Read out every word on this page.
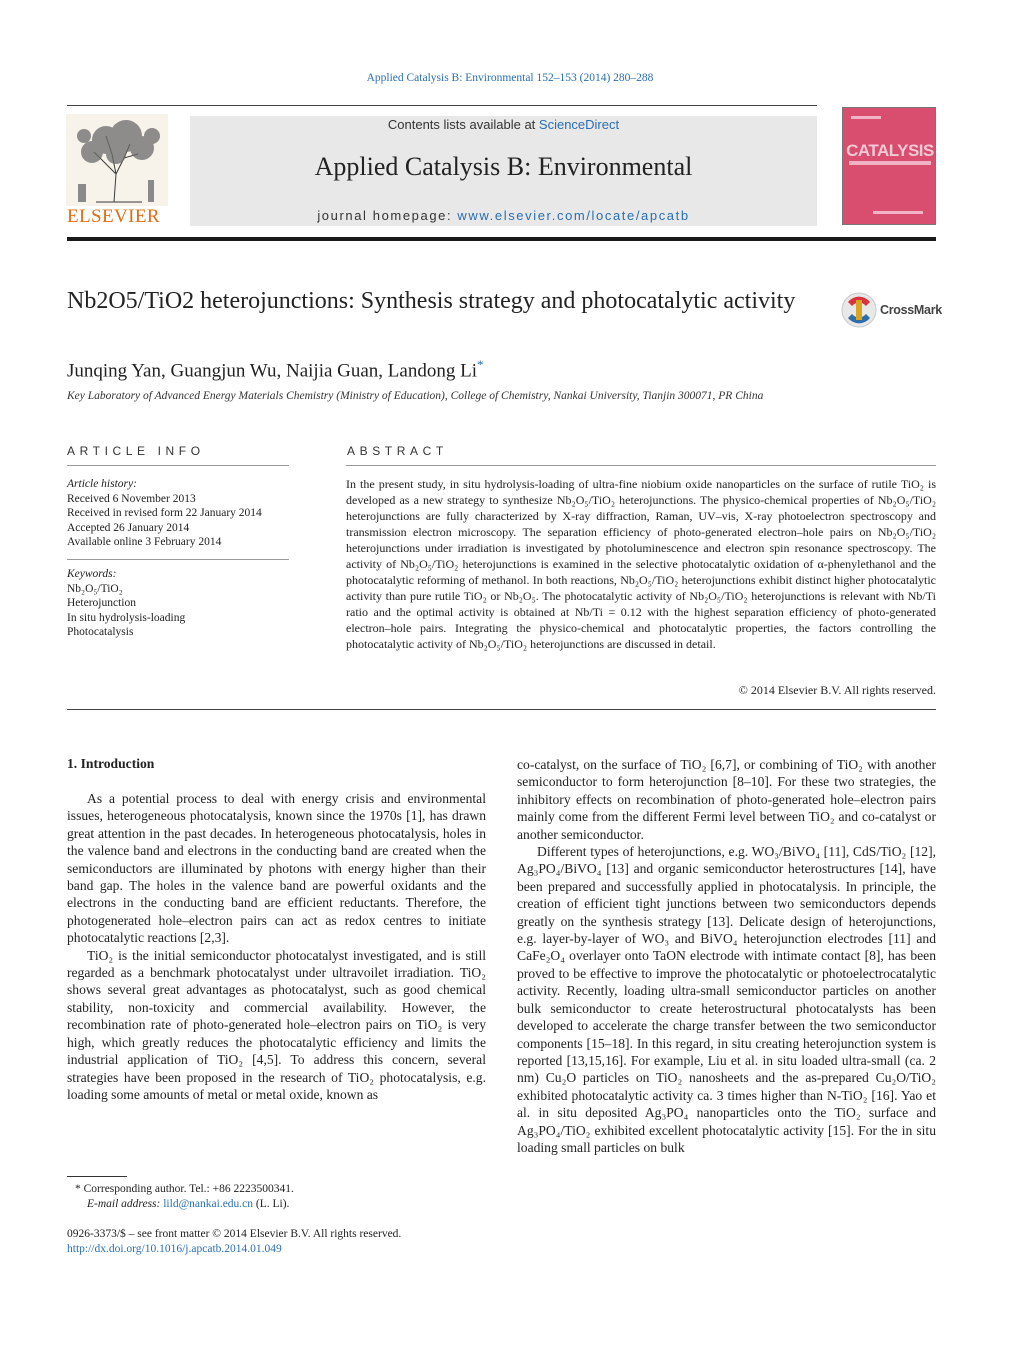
Applied Catalysis B: Environmental 152–153 (2014) 280–288
ELSEVIER
Contents lists available at ScienceDirect
Applied Catalysis B: Environmental
journal homepage: www.elsevier.com/locate/apcatb
CATALYSIS
Nb2O5/TiO2 heterojunctions: Synthesis strategy and photocatalytic activity	CrossMark
Junqing Yan, Guangjun Wu, Naijia Guan, Landong Li*
Key Laboratory of Advanced Energy Materials Chemistry (Ministry of Education), College of Chemistry, Nankai University, Tianjin 300071, PR China
ARTICLE INFO	ABSTRACT
Article history:
Received 6 November 2013
Received in revised form 22 January 2014
Accepted 26 January 2014
Available online 3 February 2014
Keywords:
Nb₂O₅/TiO₂
Heterojunction
In situ hydrolysis-loading
Photocatalysis
In the present study, in situ hydrolysis-loading of ultra-fine niobium oxide nanoparticles on the surface of rutile TiO₂ is developed as a new strategy to synthesize Nb₂O₅/TiO₂ heterojunctions. The physico-chemical properties of Nb₂O₅/TiO₂ heterojunctions are fully characterized by X-ray diffraction, Raman, UV–vis, X-ray photoelectron spectroscopy and transmission electron microscopy. The separation efficiency of photo-generated electron–hole pairs on Nb₂O₅/TiO₂ heterojunctions under irradiation is investigated by photoluminescence and electron spin resonance spectroscopy. The activity of Nb₂O₅/TiO₂ heterojunctions is examined in the selective photocatalytic oxidation of α-phenylethanol and the photocatalytic reforming of methanol. In both reactions, Nb₂O₅/TiO₂ heterojunctions exhibit distinct higher photocatalytic activity than pure rutile TiO₂ or Nb₂O₅. The photocatalytic activity of Nb₂O₅/TiO₂ heterojunctions is relevant with Nb/Ti ratio and the optimal activity is obtained at Nb/Ti = 0.12 with the highest separation efficiency of photo-generated electron–hole pairs. Integrating the physico-chemical and photocatalytic properties, the factors controlling the photocatalytic activity of Nb₂O₅/TiO₂ heterojunctions are discussed in detail.
© 2014 Elsevier B.V. All rights reserved.
1. Introduction

As a potential process to deal with energy crisis and environmental issues, heterogeneous photocatalysis, known since the 1970s [1], has drawn great attention in the past decades. In heterogeneous photocatalysis, holes in the valence band and electrons in the conducting band are created when the semiconductors are illuminated by photons with energy higher than their band gap. The holes in the valence band are powerful oxidants and the electrons in the conducting band are efficient reductants. Therefore, the photogenerated hole–electron pairs can act as redox centres to initiate photocatalytic reactions [2,3].

TiO₂ is the initial semiconductor photocatalyst investigated, and is still regarded as a benchmark photocatalyst under ultravoilet irradiation. TiO₂ shows several great advantages as photocatalyst, such as good chemical stability, non-toxicity and commercial availability. However, the recombination rate of photo-generated hole–electron pairs on TiO₂ is very high, which greatly reduces the photocatalytic efficiency and limits the industrial application of TiO₂ [4,5]. To address this concern, several strategies have been proposed in the research of TiO₂ photocatalysis, e.g. loading some amounts of metal or metal oxide, known as

co-catalyst, on the surface of TiO₂ [6,7], or combining of TiO₂ with another semiconductor to form heterojunction [8–10]. For these two strategies, the inhibitory effects on recombination of photo-generated hole–electron pairs mainly come from the different Fermi level between TiO₂ and co-catalyst or another semiconductor.

Different types of heterojunctions, e.g. WO₃/BiVO₄ [11], CdS/TiO₂ [12], Ag₃PO₄/BiVO₄ [13] and organic semiconductor heterostructures [14], have been prepared and successfully applied in photocatalysis. In principle, the creation of efficient tight junctions between two semiconductors depends greatly on the synthesis strategy [13]. Delicate design of heterojunctions, e.g. layer-by-layer of WO₃ and BiVO₄ heterojunction electrodes [11] and CaFe₂O₄ overlayer onto TaON electrode with intimate contact [8], has been proved to be effective to improve the photocatalytic or photoelectrocatalytic activity. Recently, loading ultra-small semiconductor particles on another bulk semiconductor to create heterostructural photocatalysts has been developed to accelerate the charge transfer between the two semiconductor components [15–18]. In this regard, in situ creating heterojunction system is reported [13,15,16]. For example, Liu et al. in situ loaded ultra-small (ca. 2 nm) Cu₂O particles on TiO₂ nanosheets and the as-prepared Cu₂O/TiO₂ exhibited photocatalytic activity ca. 3 times higher than N-TiO₂ [16]. Yao et al. in situ deposited Ag₃PO₄ nanoparticles onto the TiO₂ surface and Ag₃PO₄/TiO₂ exhibited excellent photocatalytic activity [15]. For the in situ loading small particles on bulk

* Corresponding author. Tel.: +86 2223500341.
E-mail address: lild@nankai.edu.cn (L. Li).
0926-3373/$ – see front matter © 2014 Elsevier B.V. All rights reserved.
http://dx.doi.org/10.1016/j.apcatb.2014.01.049
